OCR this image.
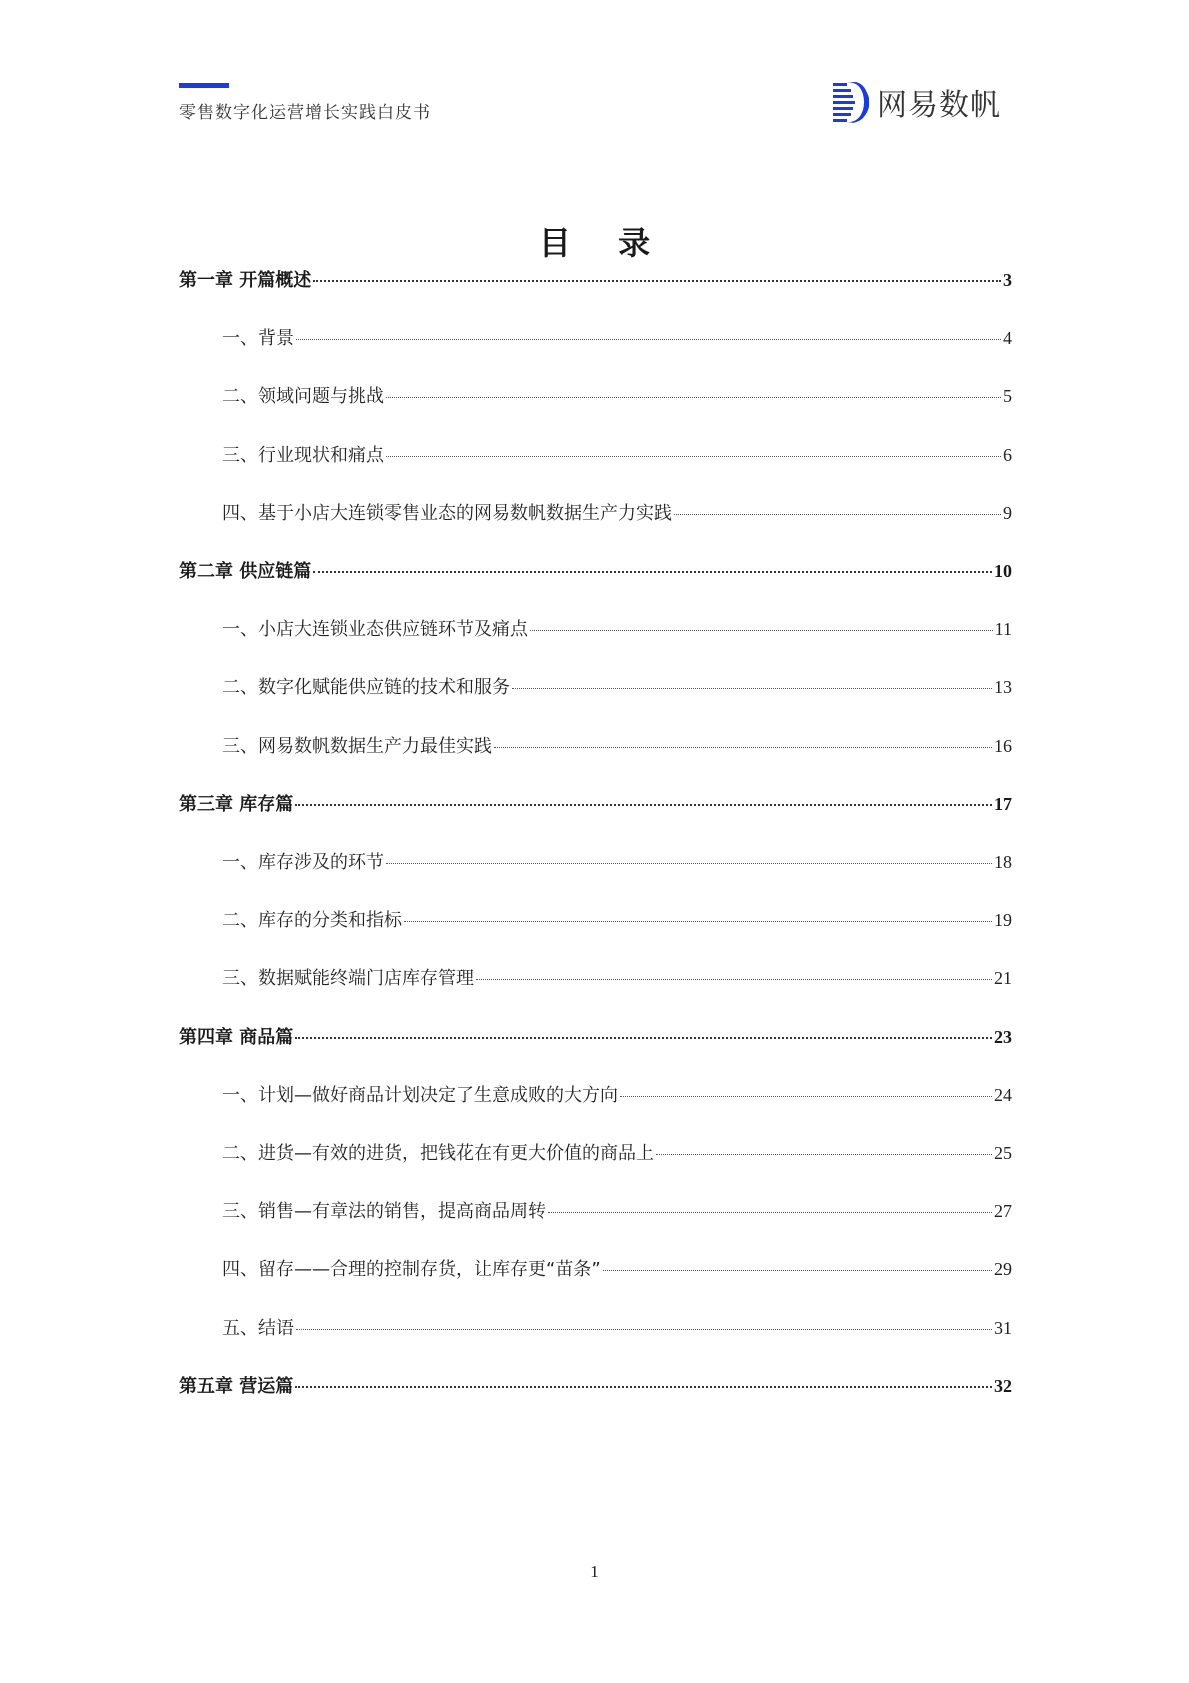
零售数字化运营增长实践白皮书	网易数帆
目 录
第一章 开篇概述	3
一、背景	4
二、领域问题与挑战	5
三、行业现状和痛点	6
四、基于小店大连锁零售业态的网易数帆数据生产力实践	9
第二章 供应链篇	10
一、小店大连锁业态供应链环节及痛点	11
二、数字化赋能供应链的技术和服务	13
三、网易数帆数据生产力最佳实践	16
第三章 库存篇	17
一、库存涉及的环节	18
二、库存的分类和指标	19
三、数据赋能终端门店库存管理	21
第四章 商品篇	23
一、计划—做好商品计划决定了生意成败的大方向	24
二、进货—有效的进货，把钱花在有更大价值的商品上	25
三、销售—有章法的销售，提高商品周转	27
四、留存——合理的控制存货，让库存更“苗条”	29
五、结语	31
第五章 营运篇	32
1
